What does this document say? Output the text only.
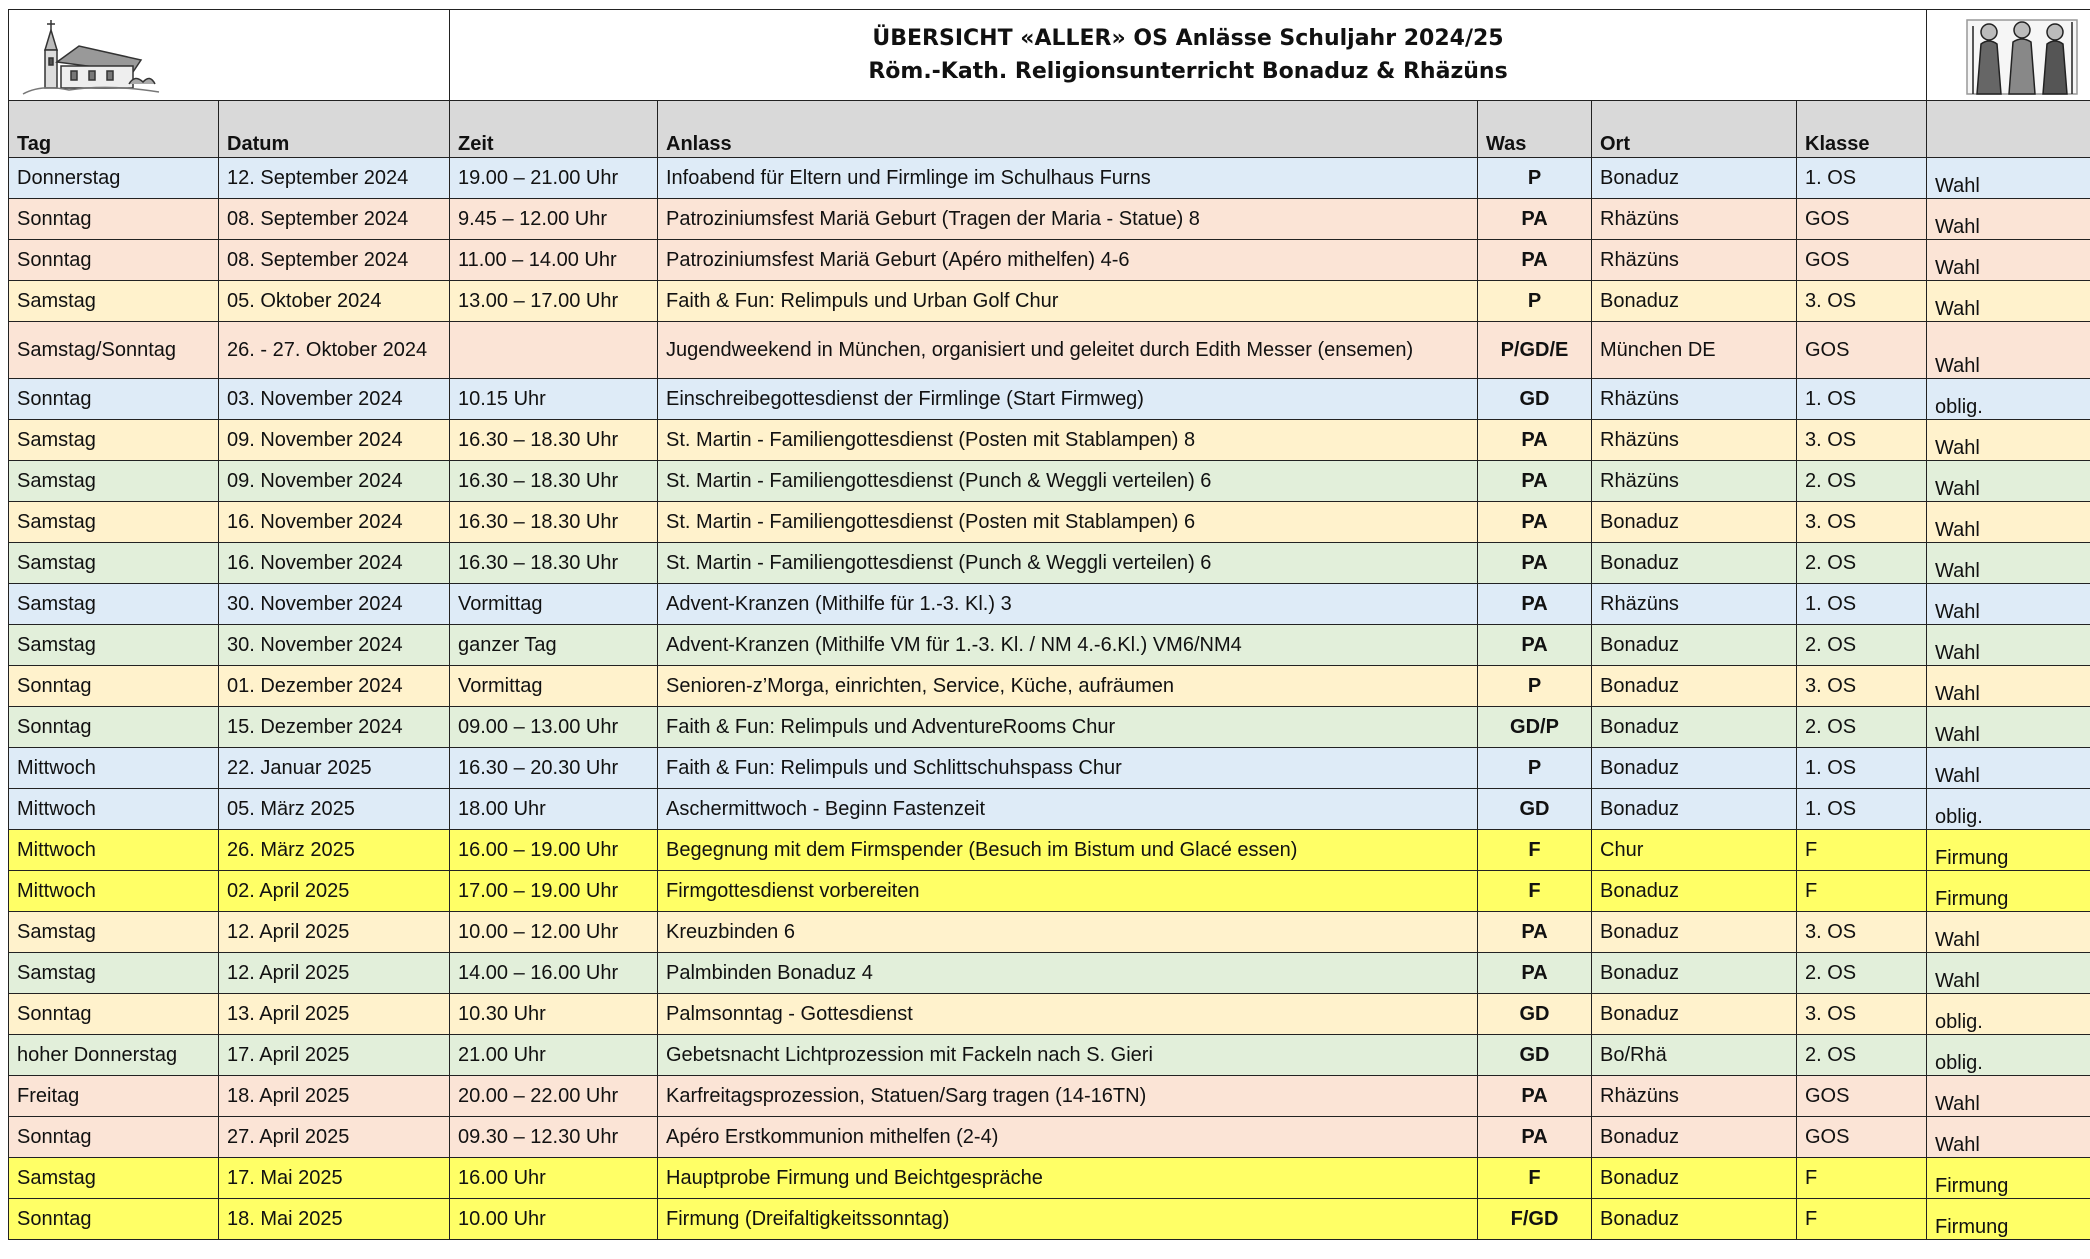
ÜBERSICHT «ALLER» OS Anlässe Schuljahr 2024/25
Röm.-Kath. Religionsunterricht Bonaduz & Rhäzüns

Tag	Datum	Zeit	Anlass	Was	Ort	Klasse	
Donnerstag	12. September 2024	19.00 – 21.00 Uhr	Infoabend für Eltern und Firmlinge im Schulhaus Furns	P	Bonaduz	1. OS	Wahl
Sonntag	08. September 2024	9.45 – 12.00 Uhr	Patroziniumsfest Mariä Geburt (Tragen der Maria - Statue) 8	PA	Rhäzüns	GOS	Wahl
Sonntag	08. September 2024	11.00 – 14.00 Uhr	Patroziniumsfest Mariä Geburt (Apéro mithelfen) 4-6	PA	Rhäzüns	GOS	Wahl
Samstag	05. Oktober 2024	13.00 – 17.00 Uhr	Faith & Fun: Relimpuls und Urban Golf Chur	P	Bonaduz	3. OS	Wahl
Samstag/Sonntag	26. - 27. Oktober 2024		Jugendweekend in München, organisiert und geleitet durch Edith Messer (ensemen)	P/GD/E	München DE	GOS	Wahl
Sonntag	03. November 2024	10.15 Uhr	Einschreibegottesdienst der Firmlinge (Start Firmweg)	GD	Rhäzüns	1. OS	oblig.
Samstag	09. November 2024	16.30 – 18.30 Uhr	St. Martin - Familiengottesdienst (Posten mit Stablampen) 8	PA	Rhäzüns	3. OS	Wahl
Samstag	09. November 2024	16.30 – 18.30 Uhr	St. Martin - Familiengottesdienst (Punch & Weggli verteilen) 6	PA	Rhäzüns	2. OS	Wahl
Samstag	16. November 2024	16.30 – 18.30 Uhr	St. Martin - Familiengottesdienst (Posten mit Stablampen) 6	PA	Bonaduz	3. OS	Wahl
Samstag	16. November 2024	16.30 – 18.30 Uhr	St. Martin - Familiengottesdienst (Punch & Weggli verteilen) 6	PA	Bonaduz	2. OS	Wahl
Samstag	30. November 2024	Vormittag	Advent-Kranzen (Mithilfe für 1.-3. Kl.) 3	PA	Rhäzüns	1. OS	Wahl
Samstag	30. November 2024	ganzer Tag	Advent-Kranzen (Mithilfe VM für 1.-3. Kl. / NM 4.-6.Kl.) VM6/NM4	PA	Bonaduz	2. OS	Wahl
Sonntag	01. Dezember 2024	Vormittag	Senioren-z’Morga, einrichten, Service, Küche, aufräumen	P	Bonaduz	3. OS	Wahl
Sonntag	15. Dezember 2024	09.00 – 13.00 Uhr	Faith & Fun: Relimpuls und AdventureRooms Chur	GD/P	Bonaduz	2. OS	Wahl
Mittwoch	22. Januar 2025	16.30 – 20.30 Uhr	Faith & Fun: Relimpuls und Schlittschuhspass Chur	P	Bonaduz	1. OS	Wahl
Mittwoch	05. März 2025	18.00 Uhr	Aschermittwoch - Beginn Fastenzeit	GD	Bonaduz	1. OS	oblig.
Mittwoch	26. März 2025	16.00 – 19.00 Uhr	Begegnung mit dem Firmspender (Besuch im Bistum und Glacé essen)	F	Chur	F	Firmung
Mittwoch	02. April 2025	17.00 – 19.00 Uhr	Firmgottesdienst vorbereiten	F	Bonaduz	F	Firmung
Samstag	12. April 2025	10.00 – 12.00 Uhr	Kreuzbinden 6	PA	Bonaduz	3. OS	Wahl
Samstag	12. April 2025	14.00 – 16.00 Uhr	Palmbinden Bonaduz 4	PA	Bonaduz	2. OS	Wahl
Sonntag	13. April 2025	10.30 Uhr	Palmsonntag - Gottesdienst	GD	Bonaduz	3. OS	oblig.
hoher Donnerstag	17. April 2025	21.00 Uhr	Gebetsnacht Lichtprozession mit Fackeln nach S. Gieri	GD	Bo/Rhä	2. OS	oblig.
Freitag	18. April 2025	20.00 – 22.00 Uhr	Karfreitagsprozession, Statuen/Sarg tragen (14-16TN)	PA	Rhäzüns	GOS	Wahl
Sonntag	27. April 2025	09.30 – 12.30 Uhr	Apéro Erstkommunion mithelfen (2-4)	PA	Bonaduz	GOS	Wahl
Samstag	17. Mai 2025	16.00 Uhr	Hauptprobe Firmung und Beichtgespräche	F	Bonaduz	F	Firmung
Sonntag	18. Mai 2025	10.00 Uhr	Firmung (Dreifaltigkeitssonntag)	F/GD	Bonaduz	F	Firmung
